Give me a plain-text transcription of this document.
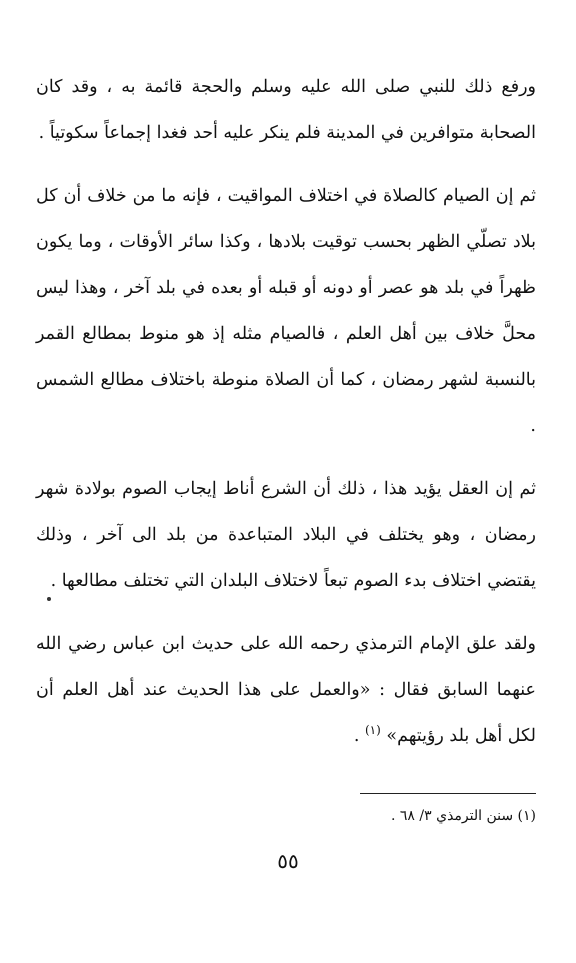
ورفع ذلك للنبي صلى الله عليه وسلم والحجة قائمة به ، وقد كان الصحابة متوافرين في المدينة فلم ينكر عليه أحد فغدا إجماعاً سكوتياً .

ثم إن الصيام كالصلاة في اختلاف المواقيت ، فإنه ما من خلاف أن كل بلاد تصلّي الظهر بحسب توقيت بلادها ، وكذا سائر الأوقات ، وما يكون ظهراً في بلد هو عصر أو دونه أو قبله أو بعده في بلد آخر ، وهذا ليس محلَّ خلاف بين أهل العلم ، فالصيام مثله إذ هو منوط بمطالع القمر بالنسبة لشهر رمضان ، كما أن الصلاة منوطة باختلاف مطالع الشمس .

ثم إن العقل يؤيد هذا ، ذلك أن الشرع أناط إيجاب الصوم بولادة شهر رمضان ، وهو يختلف في البلاد المتباعدة من بلد الى آخر ، وذلك يقتضي اختلاف بدء الصوم تبعاً لاختلاف البلدان التي تختلف مطالعها .

ولقد علق الإمام الترمذي رحمه الله على حديث ابن عباس رضي الله عنهما السابق فقال : «والعمل على هذا الحديث عند أهل العلم أن لكل أهل بلد رؤيتهم» $^{(١)}$ .

(١) سنن الترمذي ٣/ ٦٨ .
٥٥
